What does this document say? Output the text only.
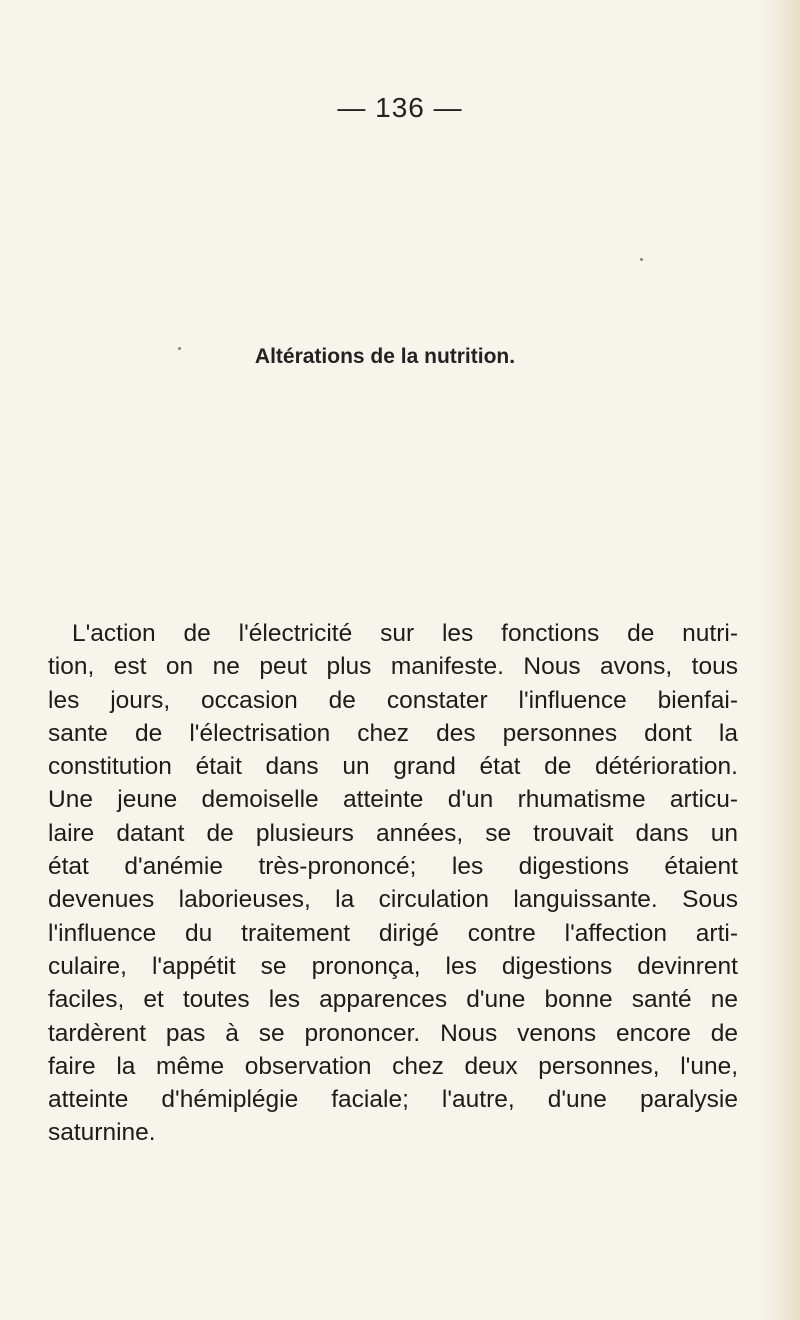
— 136 —
Altérations de la nutrition.
L'action de l'électricité sur les fonctions de nutri-
tion, est on ne peut plus manifeste. Nous avons, tous
les jours, occasion de constater l'influence bienfai-
sante de l'électrisation chez des personnes dont la
constitution était dans un grand état de détérioration.
Une jeune demoiselle atteinte d'un rhumatisme articu-
laire datant de plusieurs années, se trouvait dans un
état d'anémie très-prononcé; les digestions étaient
devenues laborieuses, la circulation languissante. Sous
l'influence du traitement dirigé contre l'affection arti-
culaire, l'appétit se prononça, les digestions devinrent
faciles, et toutes les apparences d'une bonne santé ne
tardèrent pas à se prononcer. Nous venons encore de
faire la même observation chez deux personnes, l'une,
atteinte d'hémiplégie faciale; l'autre, d'une paralysie
saturnine.
